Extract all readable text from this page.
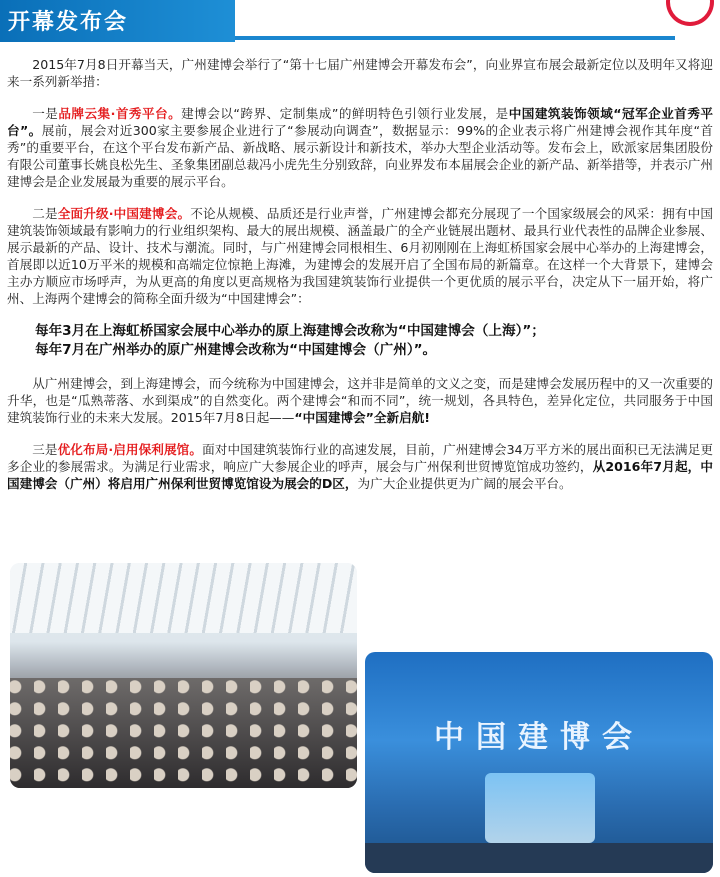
开幕发布会

2015年7月8日开幕当天，广州建博会举行了“第十七届广州建博会开幕发布会”，向业界宣布展会最新定位以及明年又将迎来一系列新举措：

一是品牌云集·首秀平台。建博会以“跨界、定制集成”的鲜明特色引领行业发展，是中国建筑装饰领域“冠军企业首秀平台”。展前，展会对近300家主要参展企业进行了“参展动向调查”，数据显示：99%的企业表示将广州建博会视作其年度“首秀”的重要平台，在这个平台发布新产品、新战略、展示新设计和新技术，举办大型企业活动等。发布会上，欧派家居集团股份有限公司董事长姚良松先生、圣象集团副总裁冯小虎先生分别致辞，向业界发布本届展会企业的新产品、新举措等，并表示广州建博会是企业发展最为重要的展示平台。

二是全面升级·中国建博会。不论从规模、品质还是行业声誉，广州建博会都充分展现了一个国家级展会的风采：拥有中国建筑装饰领域最有影响力的行业组织架构、最大的展出规模、涵盖最广的全产业链展出题材、最具行业代表性的品牌企业参展、展示最新的产品、设计、技术与潮流。同时，与广州建博会同根相生、6月初刚刚在上海虹桥国家会展中心举办的上海建博会，首展即以近10万平米的规模和高端定位惊艳上海滩，为建博会的发展开启了全国布局的新篇章。在这样一个大背景下，建博会主办方顺应市场呼声，为从更高的角度以更高规格为我国建筑装饰行业提供一个更优质的展示平台，决定从下一届开始，将广州、上海两个建博会的简称全面升级为“中国建博会”：

每年3月在上海虹桥国家会展中心举办的原上海建博会改称为“中国建博会（上海）”；
每年7月在广州举办的原广州建博会改称为“中国建博会（广州）”。

从广州建博会，到上海建博会，而今统称为中国建博会，这并非是简单的文义之变，而是建博会发展历程中的又一次重要的升华，也是“瓜熟蒂落、水到渠成”的自然变化。两个建博会“和而不同”，统一规划，各具特色，差异化定位，共同服务于中国建筑装饰行业的未来大发展。2015年7月8日起——“中国建博会”全新启航!

三是优化布局·启用保利展馆。面对中国建筑装饰行业的高速发展，目前，广州建博会34万平方米的展出面积已无法满足更多企业的参展需求。为满足行业需求，响应广大参展企业的呼声，展会与广州保利世贸博览馆成功签约，从2016年7月起，中国建博会（广州）将启用广州保利世贸博览馆设为展会的D区，为广大企业提供更为广阔的展会平台。

中国建博会
